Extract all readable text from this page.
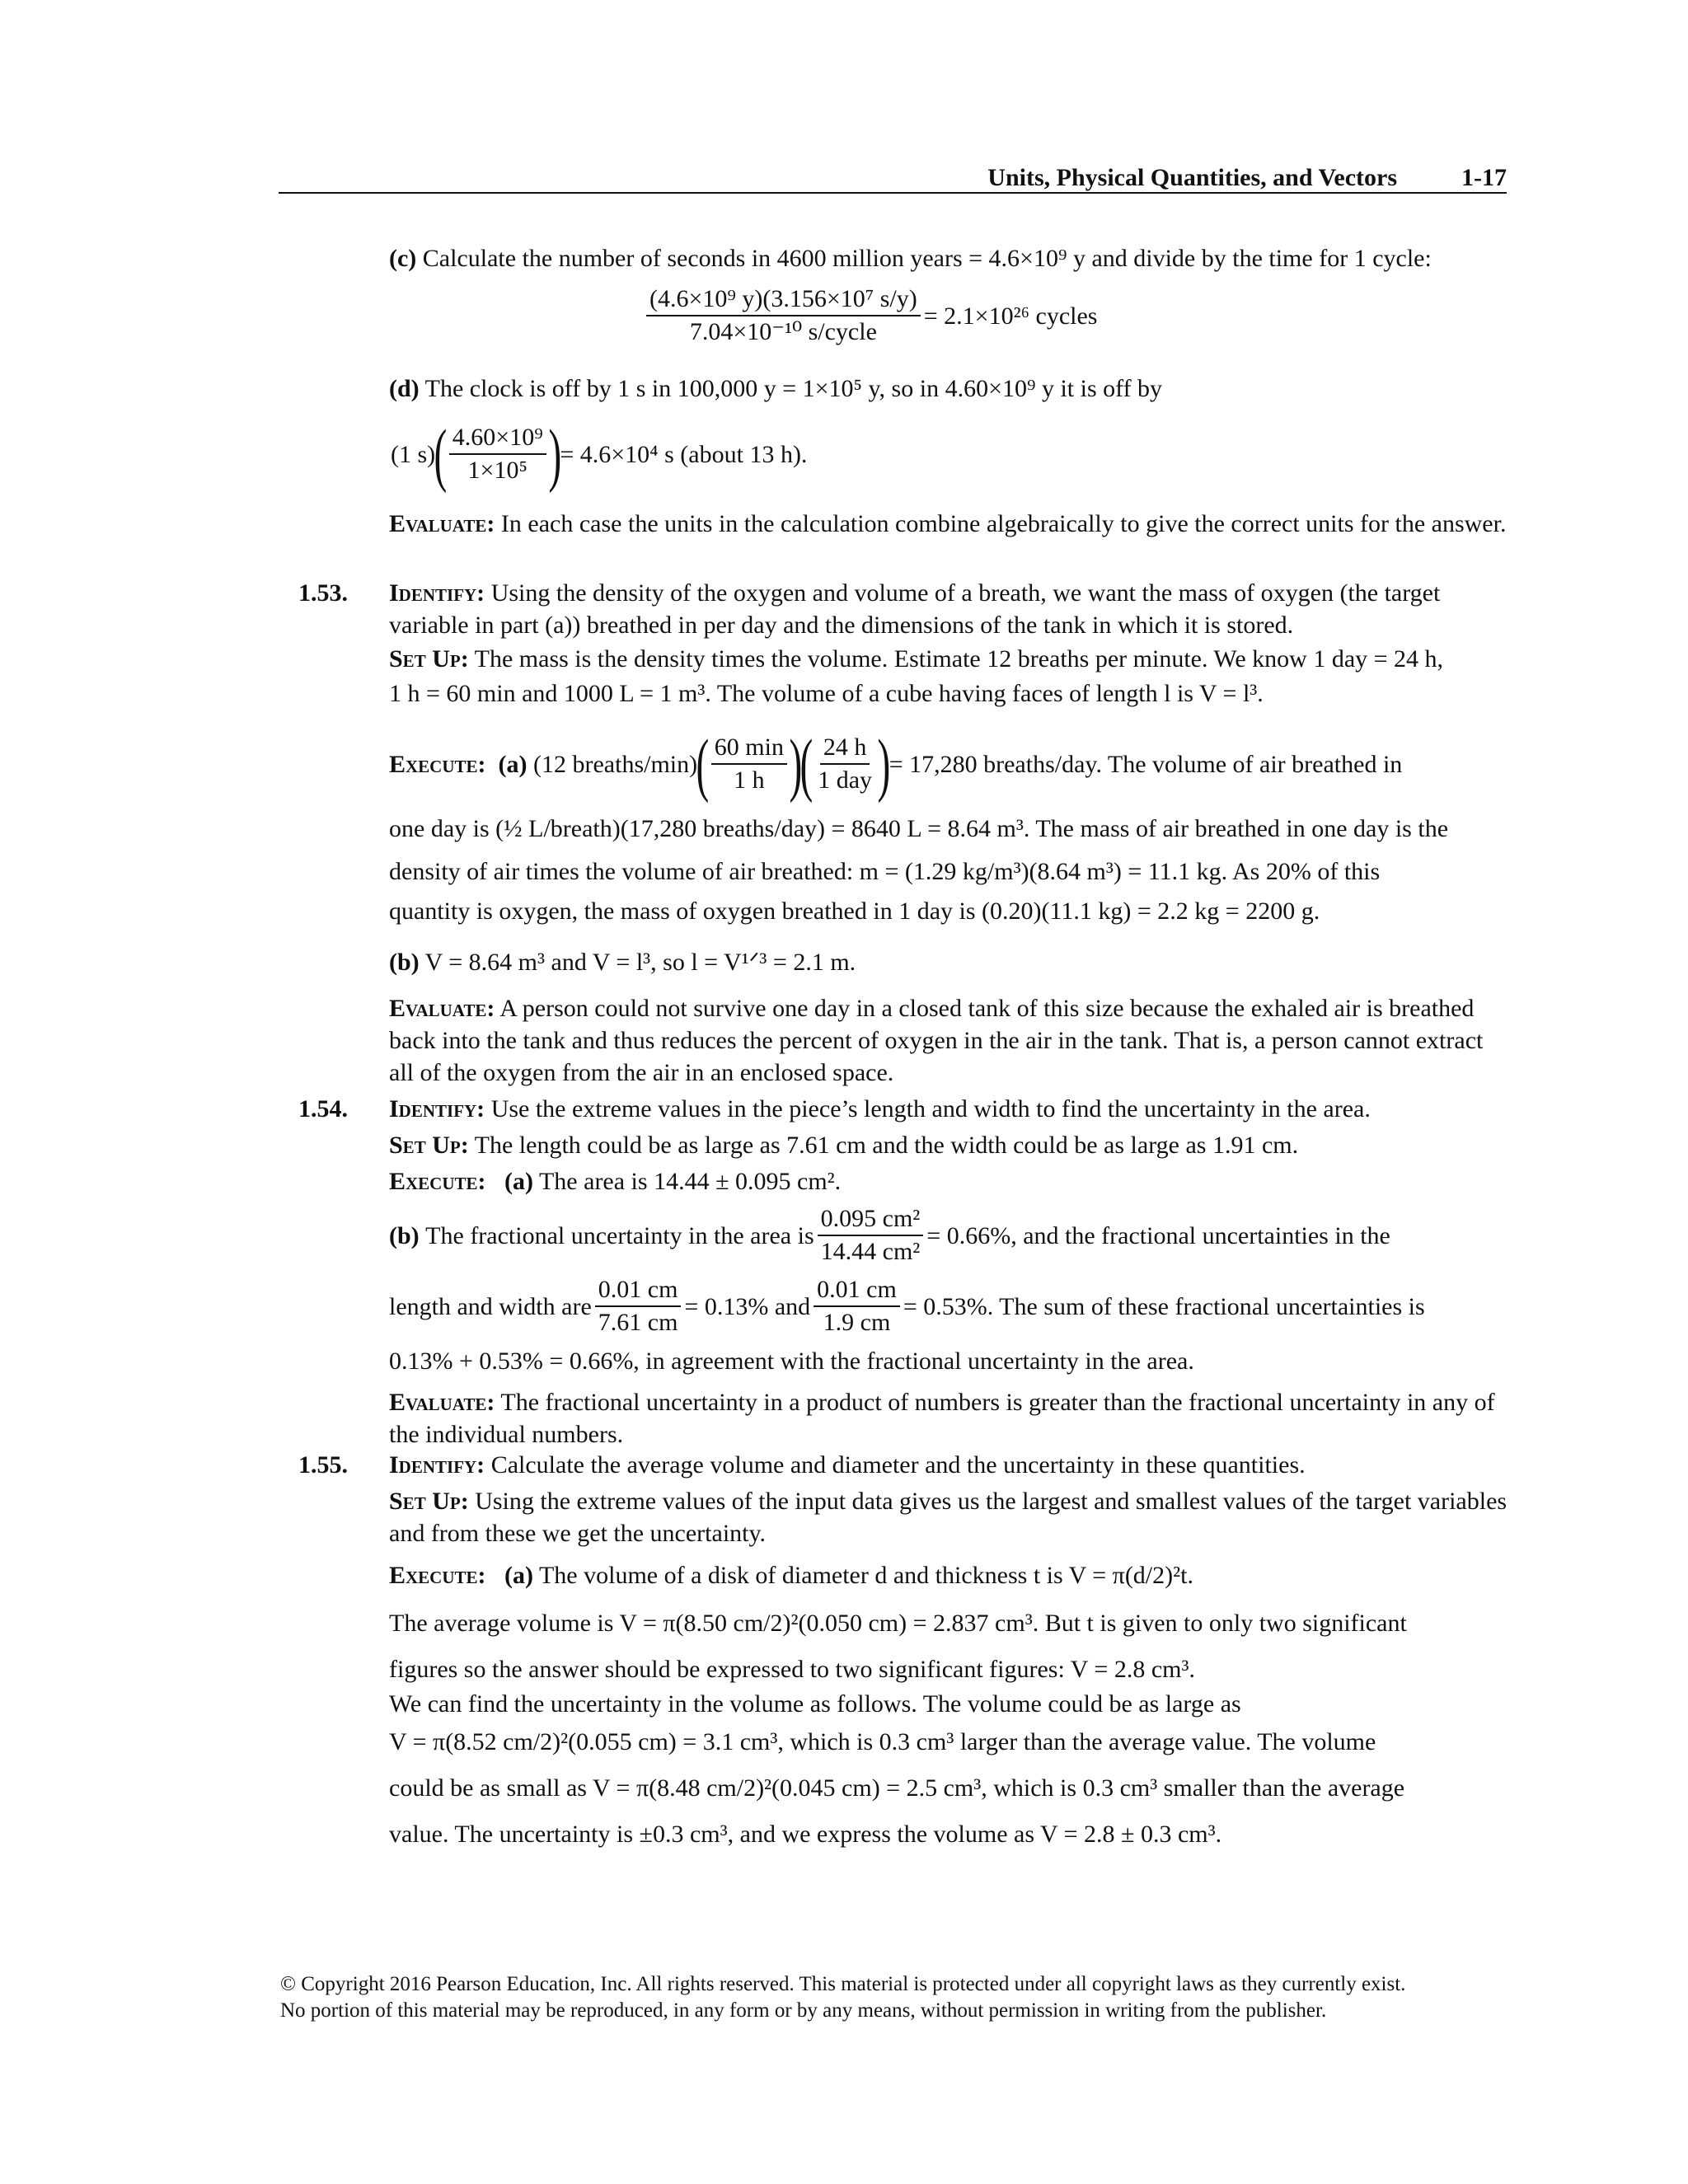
Units, Physical Quantities, and Vectors	1-17
(c) Calculate the number of seconds in 4600 million years = 4.6×10⁹ y and divide by the time for 1 cycle:
$\frac{\text{(4.6×10⁹ y)(3.156×10⁷ s/y)}}{\text{7.04×10⁻¹⁰ s/cycle}} = 2.1\times 10^{26}$ cycles
(d) The clock is off by 1 s in 100,000 y = 1×10⁵ y, so in 4.60×10⁹ y it is off by
(1 s)
( $\frac{\text{4.60×10⁹}}{\text{1×10⁵}}$ )
= 4.6×10⁴ s (about 13 h).
Evaluate: In each case the units in the calculation combine algebraically to give the correct units for the answer.
1.53. Identify: Using the density of the oxygen and volume of a breath, we want the mass of oxygen (the target variable in part (a)) breathed in per day and the dimensions of the tank in which it is stored.
Set Up: The mass is the density times the volume. Estimate 12 breaths per minute. We know 1 day = 24 h,
1 h = 60 min and 1000 L = 1 m³. The volume of a cube having faces of length l is V = l³.
Execute:
(a)
(12 breaths/min)
( $\frac{60 \min}{1 h}$ )
( $\frac{24 h}{\text{1 day}}$ )
= 17,280 breaths/day. The volume of air breathed in
one day is (½ L/breath)(17,280 breaths/day) = 8640 L = 8.64 m³. The mass of air breathed in one day is the
density of air times the volume of air breathed: m = (1.29 kg/m³)(8.64 m³) = 11.1 kg. As 20% of this
quantity is oxygen, the mass of oxygen breathed in 1 day is (0.20)(11.1 kg) = 2.2 kg = 2200 g.
(b) V = 8.64 m³ and V = l³, so l = V¹ᐟ³ = 2.1 m.
Evaluate: A person could not survive one day in a closed tank of this size because the exhaled air is breathed back into the tank and thus reduces the percent of oxygen in the air in the tank. That is, a person cannot extract all of the oxygen from the air in an enclosed space.
1.54. Identify: Use the extreme values in the piece’s length and width to find the uncertainty in the area.
Set Up: The length could be as large as 7.61 cm and the width could be as large as 1.91 cm.
Execute: (a) The area is 14.44 ± 0.095 cm².
(b)
The fractional uncertainty in the area is $\frac{\text{0.095 cm²}}{\text{14.44 cm²}} = 0.66\%$, and the fractional uncertainties in the
length and width are $\frac{0.01 cm}{7.61 cm} = 0.13\%$ and $\frac{0.01 cm}{1.9 cm} = 0.53\%$. The sum of these fractional uncertainties is
0.13% + 0.53% = 0.66%, in agreement with the fractional uncertainty in the area.
Evaluate: The fractional uncertainty in a product of numbers is greater than the fractional uncertainty in any of the individual numbers.
1.55. Identify: Calculate the average volume and diameter and the uncertainty in these quantities.
Set Up: Using the extreme values of the input data gives us the largest and smallest values of the target variables and from these we get the uncertainty.
Execute: (a) The volume of a disk of diameter d and thickness t is V = π(d/2)²t.
The average volume is V = π(8.50 cm/2)²(0.050 cm) = 2.837 cm³. But t is given to only two significant
figures so the answer should be expressed to two significant figures: V = 2.8 cm³.
We can find the uncertainty in the volume as follows. The volume could be as large as
V = π(8.52 cm/2)²(0.055 cm) = 3.1 cm³, which is 0.3 cm³ larger than the average value. The volume
could be as small as V = π(8.48 cm/2)²(0.045 cm) = 2.5 cm³, which is 0.3 cm³ smaller than the average
value. The uncertainty is ±0.3 cm³, and we express the volume as V = 2.8 ± 0.3 cm³.
© Copyright 2016 Pearson Education, Inc. All rights reserved. This material is protected under all copyright laws as they currently exist.
No portion of this material may be reproduced, in any form or by any means, without permission in writing from the publisher.
